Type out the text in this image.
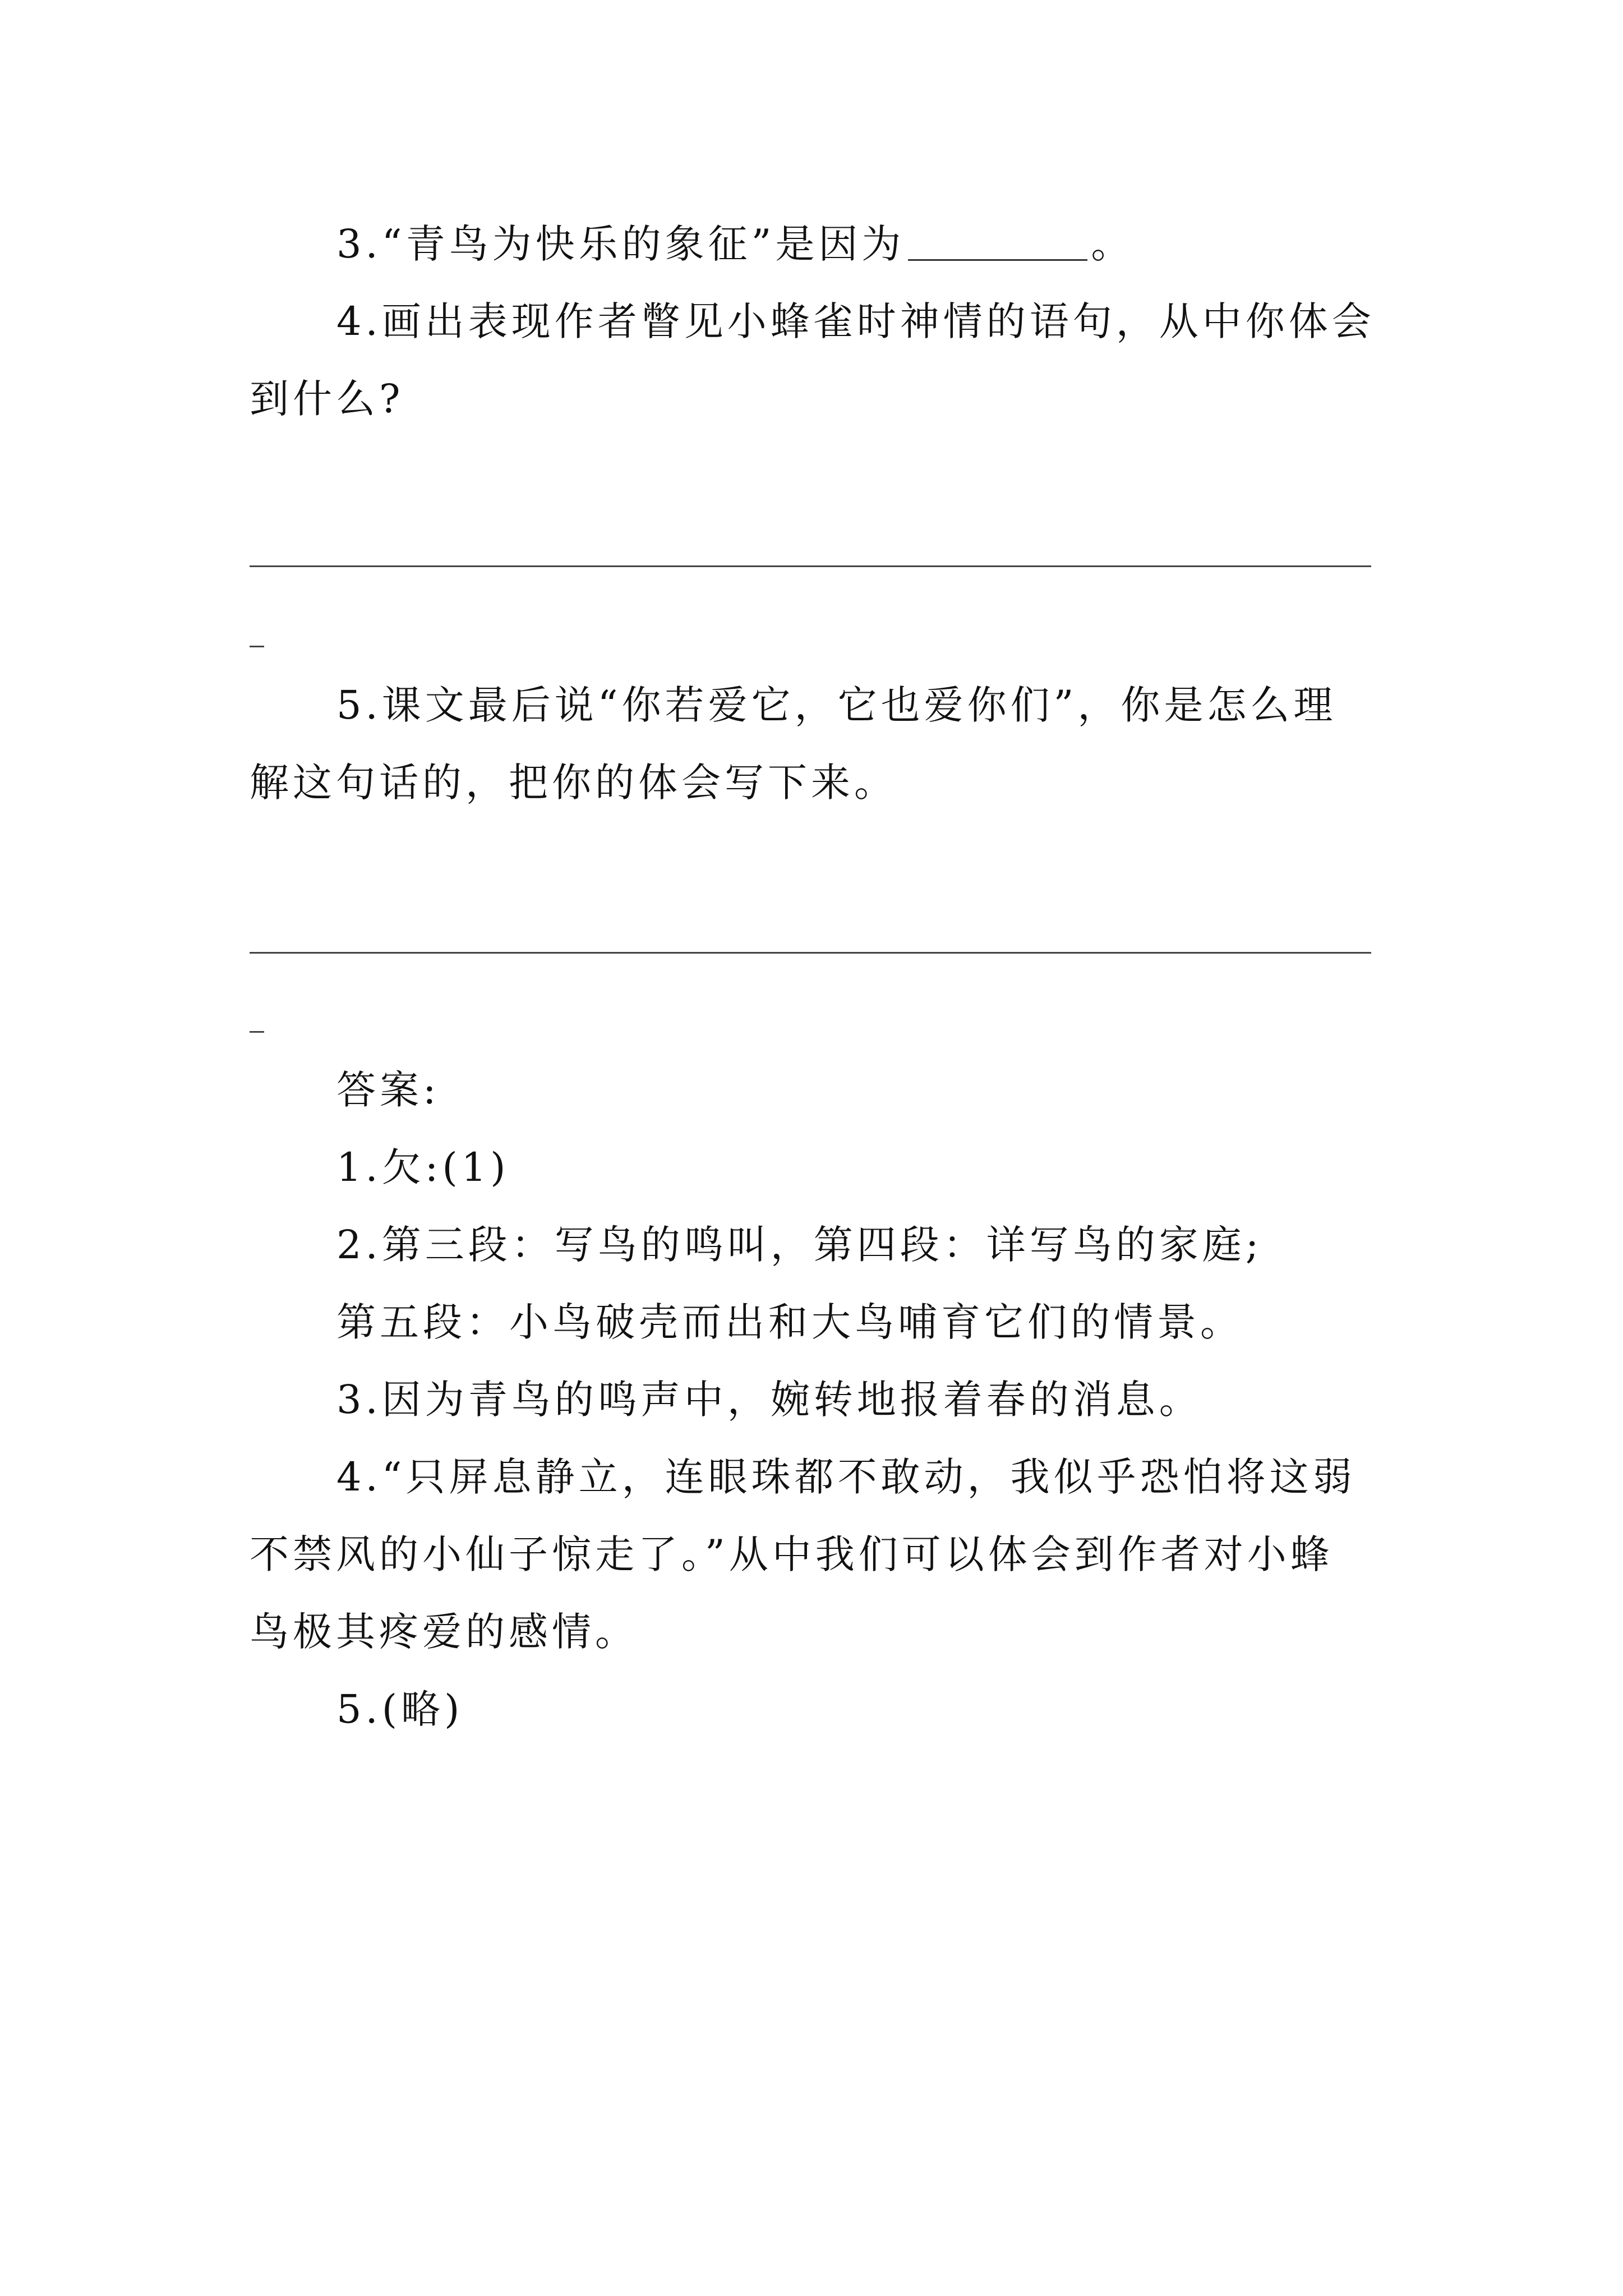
3.“青鸟为快乐的象征”是因为	。
4.画出表现作者瞥见小蜂雀时神情的语句，从中你体会
到什么?
5.课文最后说“你若爱它，它也爱你们”，你是怎么理
解这句话的，把你的体会写下来。
答案:
1.欠:(1)
2.第三段：写鸟的鸣叫，第四段：详写鸟的家庭;
第五段：小鸟破壳而出和大鸟哺育它们的情景。
3.因为青鸟的鸣声中，婉转地报着春的消息。
4.“只屏息静立，连眼珠都不敢动，我似乎恐怕将这弱
不禁风的小仙子惊走了。”从中我们可以体会到作者对小蜂
鸟极其疼爱的感情。
5.(略)
